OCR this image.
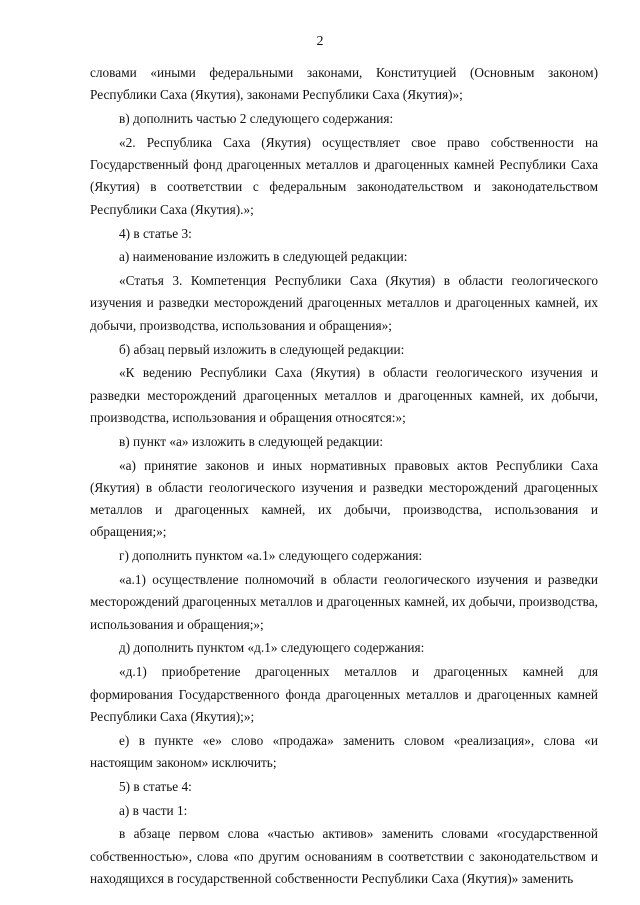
2

словами «иными федеральными законами, Конституцией (Основным законом) Республики Саха (Якутия), законами Республики Саха (Якутия)»;

в) дополнить частью 2 следующего содержания:

«2. Республика Саха (Якутия) осуществляет свое право собственности на Государственный фонд драгоценных металлов и драгоценных камней Республики Саха (Якутия) в соответствии с федеральным законодательством и законодательством Республики Саха (Якутия).»;

4) в статье 3:

а) наименование изложить в следующей редакции:

«Статья 3. Компетенция Республики Саха (Якутия) в области геологического изучения и разведки месторождений драгоценных металлов и драгоценных камней, их добычи, производства, использования и обращения»;

б) абзац первый изложить в следующей редакции:

«К ведению Республики Саха (Якутия) в области геологического изучения и разведки месторождений драгоценных металлов и драгоценных камней, их добычи, производства, использования и обращения относятся:»;

в) пункт «а» изложить в следующей редакции:

«а) принятие законов и иных нормативных правовых актов Республики Саха (Якутия) в области геологического изучения и разведки месторождений драгоценных металлов и драгоценных камней, их добычи, производства, использования и обращения;»;

г) дополнить пунктом «а.1» следующего содержания:

«а.1) осуществление полномочий в области геологического изучения и разведки месторождений драгоценных металлов и драгоценных камней, их добычи, производства, использования и обращения;»;

д) дополнить пунктом «д.1» следующего содержания:

«д.1) приобретение драгоценных металлов и драгоценных камней для формирования Государственного фонда драгоценных металлов и драгоценных камней Республики Саха (Якутия);»;

е) в пункте «е» слово «продажа» заменить словом «реализация», слова «и настоящим законом» исключить;

5) в статье 4:

а) в части 1:

в абзаце первом слова «частью активов» заменить словами «государственной собственностью», слова «по другим основаниям в соответствии с законодательством и находящихся в государственной собственности Республики Саха (Якутия)» заменить
